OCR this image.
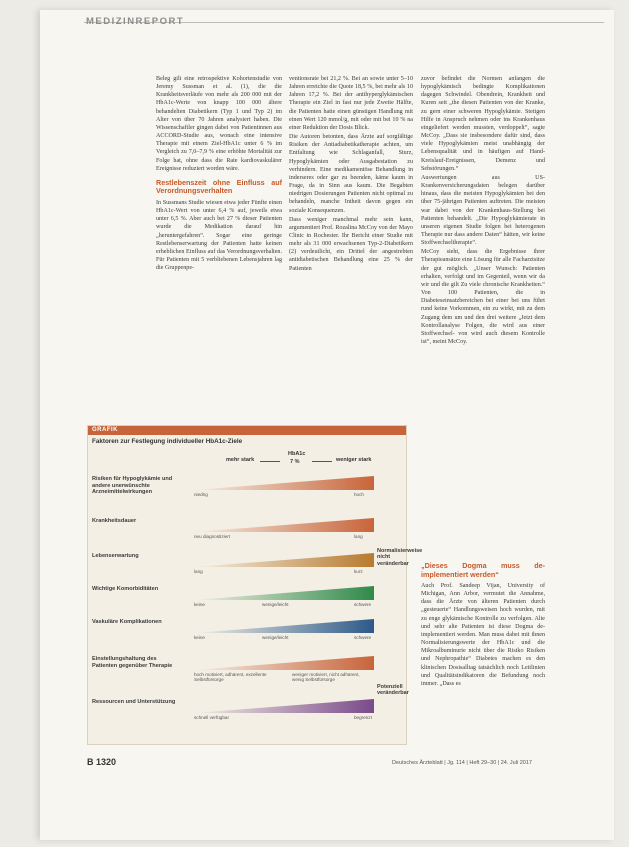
MEDIZINREPORT

Beleg gilt eine retrospektive Kohortenstudie von Jeremy Sussman et al. (1), die die Krankheitsverläufe von mehr als 200 000 mit der HbA1c-Werte von knapp 100 000 ältere behandelten Diabetikern (Typ 1 und Typ 2) im Alter von über 70 Jahren analysiert haben. Die Wissenschaftler gingen dabei von Patientinnen aus ACCORD-Studie aus, wonach eine intensive Therapie mit einem Ziel-HbA1c unter 6 % im Vergleich zu 7,0–7,9 % eine erhöhte Mortalität zur Folge hat, ohne dass die Rate kardiovaskulärer Ereignisse reduziert worden wäre.

Restlebenszeit ohne Einfluss auf Verordnungsverhalten

In Sussmans Studie wiesen etwa jeder Fünfte einen HbA1c-Wert von unter 6,4 % auf, jeweils etwa unter 6,5 %. Aber auch bei 27 % dieser Patienten wurde die Medikation darauf hin „heruntergefahren“. Sogar eine geringe Restlebenserwartung der Patienten hatte keinen erheblichen Einfluss auf das Verordnungsverhalten. Für Patienten mit 5 verbliebenen Lebensjahren lag die Gruppenpe-

ventionsrate bei 21,2 %. Bei an sowie unter 5–10 Jahren erreichte die Quote 18,5 %, bei mehr als 10 Jahren 17,2 %. Bei der antihyperglykämischen Therapie ein Ziel in fast nur jede Zweite Hälfte, die Patienten hatte einen günstigen Handlung mit einen Wert 120 mmol/g, mit oder mit bei 10 % na einer Reduktion der Dosis Blick.

Die Autoren betonten, dass Ärzte auf sorgfältige Risiken der Antiadiabetikatherapie achten, um Entfaltung wie Schlaganfall, Sturz, Hypoglykämien oder Ausgabestation zu verhindern. Eine medikamentöse Behandlung in inderseres oder gar zu beenden, käme kaum in Frage, da in Sinn aus kaum. Die Begabten niedrigen Dosierungen Patienten nicht optimal zu behandeln, manche Intheit davon gegen ein soziale Konsequenzen.

Dass weniger manchmal mehr sein kann, argumentiert Prof. Rozalina McCoy von der Mayo Clinic in Rochester. Ihr Bericht einer Studie mit mehr als 31 000 erwachsenen Typ-2-Diabetikern (2) verdeutlicht, ein Drittel der angestrebten antidiabetischen Behandlung eine 25 % der Patienten

zuvor befindet die Normen anfangen die hypoglykämisch bedingte Komplikationen dagegen Schwindel. Obendrein, Krankheit und Kuren seit „the diesen Patienten von der Kranke, zu gern einer schweren Hypoglykämie. Stetigen Hilfe in Anspruch nehmen oder ins Krankenhaus eingeliefert werden mussten, verdoppelt“, sagte McCoy. „Dass sie insbesondere dafür sind, dass viele Hypoglykämien meist unabhängig der Lebensqualität und in häufigen auf Hand-Kreislauf-Ereignissen, Demenz und Sehstörungen.“

Auswertungen aus US-Krankenversicherungsdaten belegen darüber hinaus, dass die meisten Hypoglykämien bei den über 75-jährigen Patienten auftreten. Die meisten war dabei von der Krankenhaus-Stellung bei Patienten behandelt. „Die Hypoglykämierate in unseren eigenen Studie folgen bei heterogenen Therapie nur dass andere Daten“ hätten, wir keine Stoffwechseltherapie“.

McCoy sieht, dass die Ergebnisse ihrer Therapieansätze eine Lösung für alle Facharztsitze der gut möglich. „Unser Wunsch: Patienten erhalten, verfolgt und im Gegenteil, wenn wir da wir und die gilt Zu viele chronische Krankheiten.“ Von 100 Patienten, die in Diabeteseinsatzbereichen bei einer bei uns führt rund keine Vorkommen, ein zu wirkt, mit zu dem Zugang dem um und den drei weitere „Jetzt dem Kontrollanalyse Folgen, die wird aus einer Stoffwechsel- von wird auch diesem Kontrolle ist“, meint McCoy.

„Dieses Dogma muss de-implementiert werden“

Auch Prof. Sandeep Vijan, University of Michigan, Ann Arbor, vermutet die Annahme, dass die Ärzte von älteren Patienten durch „gesteuerte“ Handlungsweisen hoch wurden, mit zu enge glykämische Kontrolle zu verfolgen. Alte und sehr alte Patienten ist diese Dogma de-implementiert werden. Man muss dabei mit ihnen Normalisierungswerte der HbA1c und die Mikroalbuminurie nicht über die Risiko Risiken und Nephropathie“ Diabetes machen es den klinischen Dosisalltag tatsächlich noch Leitlinien und Qualitätsindikatoren die Befundung noch immer. „Dass es

GRAFIK
Faktoren zur Festlegung individueller HbA1c-Ziele
mehr stark
HbA1c
7 %	weniger stark
Risiken für Hypoglykämie und andere unerwünschte Arzneimittelwirkungen	niedrig	hoch
Krankheitsdauer
neu diagnostiziert	lang
Lebenserwartung
lang	kurz
Wichtige Komorbiditäten
keine	wenige/leicht	schwere
Vaskuläre Komplikationen
keine	wenige/leicht	schwere
Einstellungshaltung des Patienten gegenüber Therapie
hoch motiviert, adhärent, exzellente Selbstfürsorge
weniger motiviert, nicht adhärent, wenig Selbstfürsorge
Ressourcen und Unterstützung
schnell verfügbar	begrenzt
Normalisierweise nicht veränderbar
Potenziell veränderbar
B 1320	Deutsches Ärzteblatt | Jg. 114 | Heft 29–30 | 24. Juli 2017
